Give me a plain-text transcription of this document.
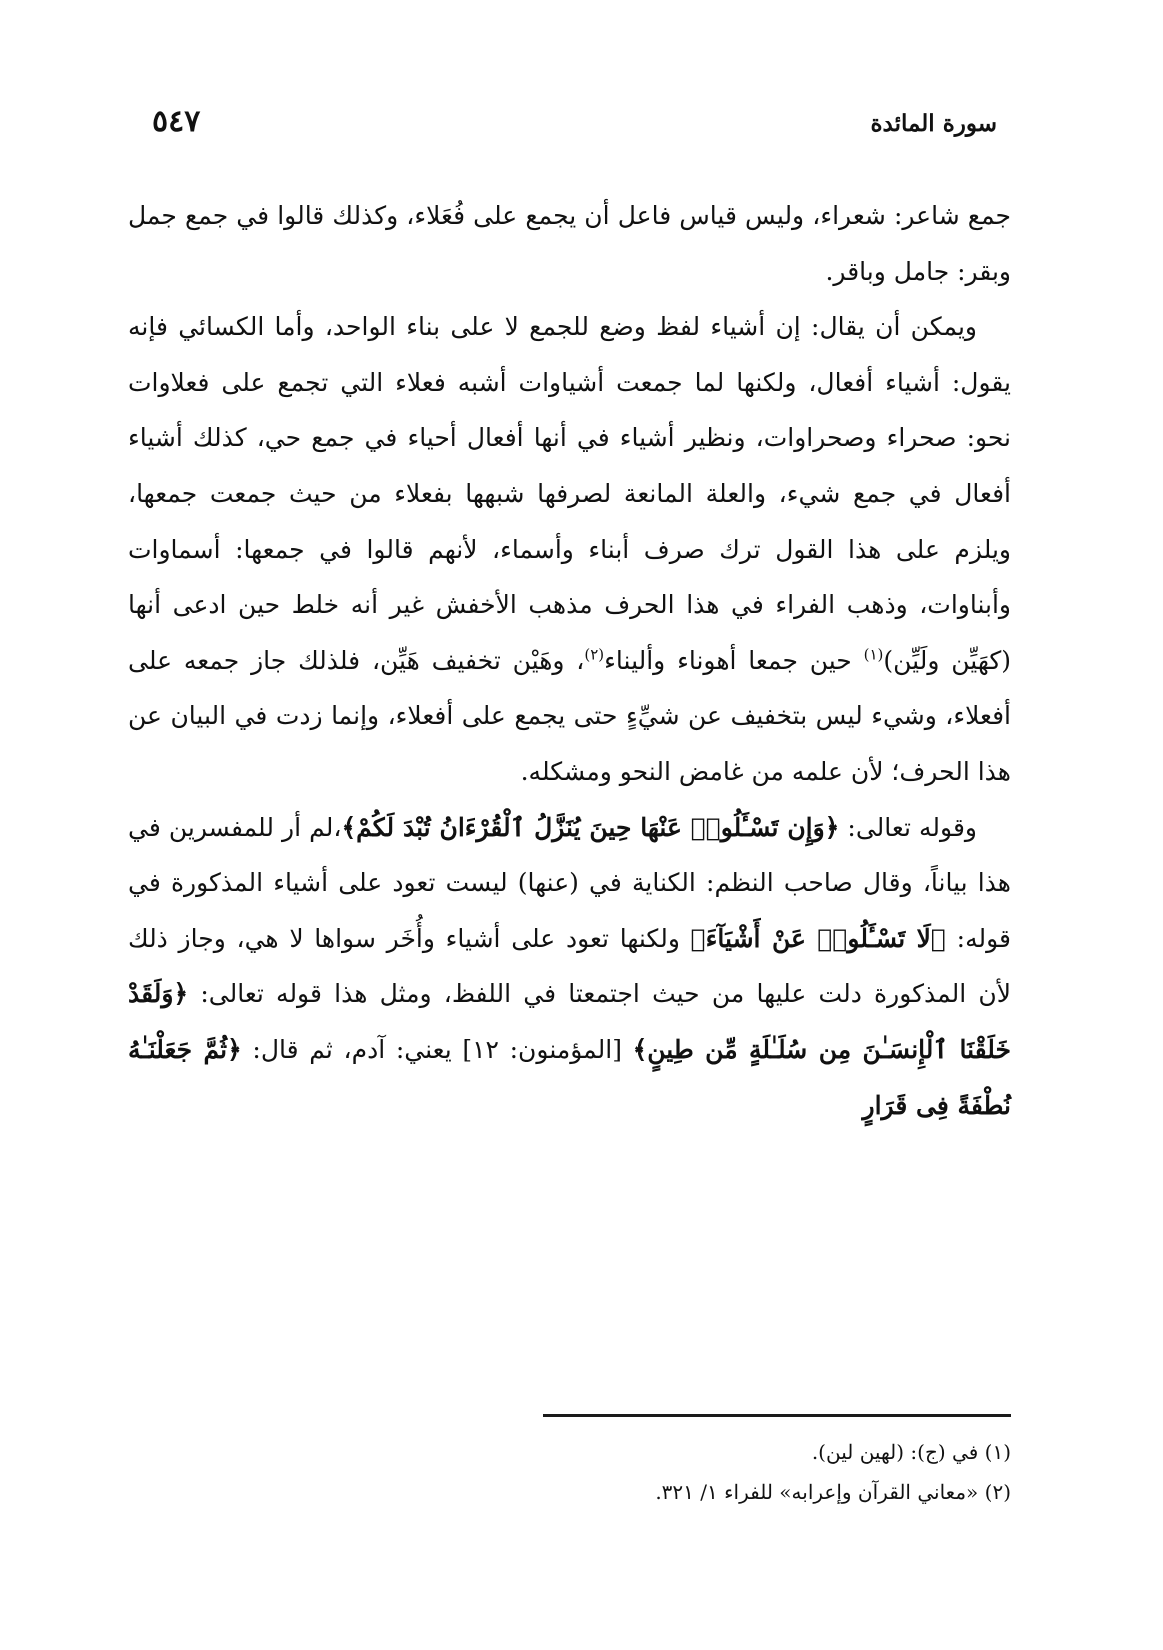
سورة المائدة
٥٤٧

جمع شاعر: شعراء، وليس قياس فاعل أن يجمع على فُعَلاء، وكذلك قالوا في جمع جمل وبقر: جامل وباقر.

ويمكن أن يقال: إن أشياء لفظ وضع للجمع لا على بناء الواحد، وأما الكسائي فإنه يقول: أشياء أفعال، ولكنها لما جمعت أشياوات أشبه فعلاء التي تجمع على فعلاوات نحو: صحراء وصحراوات، ونظير أشياء في أنها أفعال أحياء في جمع حي، كذلك أشياء أفعال في جمع شيء، والعلة المانعة لصرفها شبهها بفعلاء من حيث جمعت جمعها، ويلزم على هذا القول ترك صرف أبناء وأسماء، لأنهم قالوا في جمعها: أسماوات وأبناوات، وذهب الفراء في هذا الحرف مذهب الأخفش غير أنه خلط حين ادعى أنها (كهَيِّن ولَيِّن)$^{(١)}$ حين جمعا أهوناء وأليناء$^{(٢)}$، وهَيْن تخفيف هَيِّن، فلذلك جاز جمعه على أفعلاء، وشيء ليس بتخفيف عن شيِّءٍ حتى يجمع على أفعلاء، وإنما زدت في البيان عن هذا الحرف؛ لأن علمه من غامض النحو ومشكله.

وقوله تعالى: ﴿وَإِن تَسْـَٔلُوا۟ عَنْهَا حِينَ يُنَزَّلُ ٱلْقُرْءَانُ تُبْدَ لَكُمْ﴾،لم أر للمفسرين في هذا بياناً، وقال صاحب النظم: الكناية في (عنها) ليست تعود على أشياء المذكورة في قوله: ﴿لَا تَسْـَٔلُوا۟ عَنْ أَشْيَآءَ﴾ ولكنها تعود على أشياء وأُخَر سواها لا هي، وجاز ذلك لأن المذكورة دلت عليها من حيث اجتمعتا في اللفظ، ومثل هذا قوله تعالى: ﴿وَلَقَدْ خَلَقْنَا ٱلْإِنسَـٰنَ مِن سُلَـٰلَةٍ مِّن طِينٍ﴾ [المؤمنون: ١٢] يعني: آدم، ثم قال: ﴿ثُمَّ جَعَلْنَـٰهُ نُطْفَةً فِى قَرَارٍ

(١) في (ج): (لهين لين).

(٢) «معاني القرآن وإعرابه» للفراء ١/ ٣٢١.
